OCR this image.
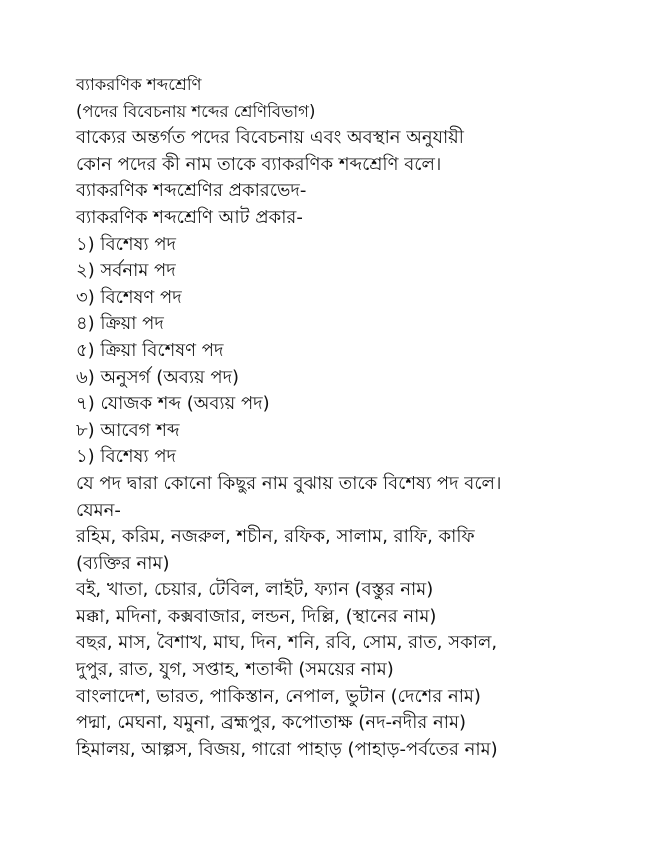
ব্যাকরণিক শব্দশ্রেণি
(পদের বিবেচনায় শব্দের শ্রেণিবিভাগ)
বাক্যের অন্তর্গত পদের বিবেচনায় এবং অবস্থান অনুযায়ী
কোন পদের কী নাম তাকে ব্যাকরণিক শব্দশ্রেণি বলে।
ব্যাকরণিক শব্দশ্রেণির প্রকারভেদ-
ব্যাকরণিক শব্দশ্রেণি আট প্রকার-
১) বিশেষ্য পদ
২) সর্বনাম পদ
৩) বিশেষণ পদ
৪) ক্রিয়া পদ
৫) ক্রিয়া বিশেষণ পদ
৬) অনুসর্গ (অব্যয় পদ)
৭) যোজক শব্দ (অব্যয় পদ)
৮) আবেগ শব্দ
১) বিশেষ্য পদ
যে পদ দ্বারা কোনো কিছুর নাম বুঝায় তাকে বিশেষ্য পদ বলে।
যেমন-
রহিম, করিম, নজরুল, শচীন, রফিক, সালাম, রাফি, কাফি
(ব্যক্তির নাম)
বই, খাতা, চেয়ার, টেবিল, লাইট, ফ্যান (বস্তুর নাম)
মক্কা, মদিনা, কক্সবাজার, লন্ডন, দিল্লি, (স্থানের নাম)
বছর, মাস, বৈশাখ, মাঘ, দিন, শনি, রবি, সোম, রাত, সকাল,
দুপুর, রাত, যুগ, সপ্তাহ, শতাব্দী (সময়ের নাম)
বাংলাদেশ, ভারত, পাকিস্তান, নেপাল, ভুটান (দেশের নাম)
পদ্মা, মেঘনা, যমুনা, ব্রহ্মপুর, কপোতাক্ষ (নদ-নদীর নাম)
হিমালয়, আল্পস, বিজয়, গারো পাহাড় (পাহাড়-পর্বতের নাম)
